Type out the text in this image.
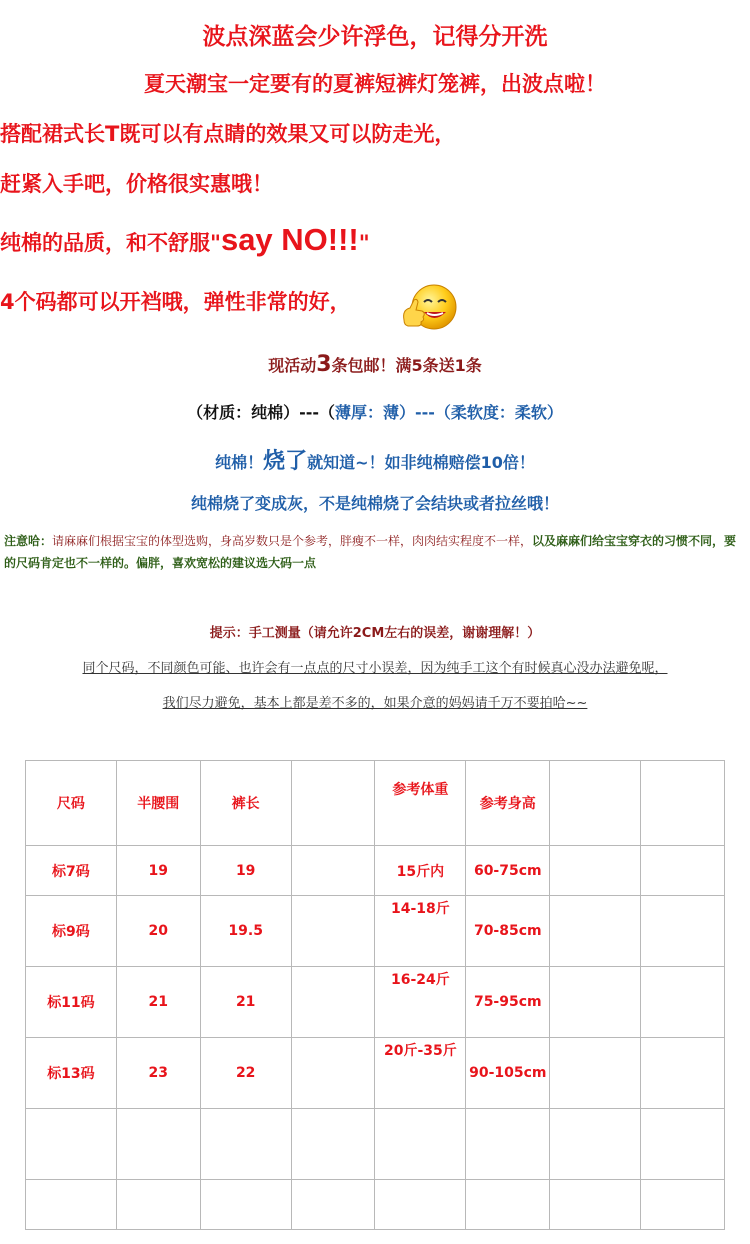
波点深蓝会少许浮色，记得分开洗
夏天潮宝一定要有的夏裤短裤灯笼裤，出波点啦！
搭配裙式长T既可以有点睛的效果又可以防走光，
赶紧入手吧，价格很实惠哦！
纯棉的品质，和不舒服"say NO!!!"
4个码都可以开裆哦，弹性非常的好，
现活动3条包邮！满5条送1条
（材质：纯棉）---（薄厚：薄）---（柔软度：柔软）
纯棉！烧了就知道~！如非纯棉赔偿10倍！
纯棉烧了变成灰，不是纯棉烧了会结块或者拉丝哦！
注意哈：请麻麻们根据宝宝的体型选购，身高岁数只是个参考，胖瘦不一样，肉肉结实程度不一样，以及麻麻们给宝宝穿衣的习惯不同，要的尺码肯定也不一样的。偏胖，喜欢宽松的建议选大码一点
提示：手工测量（请允许2CM左右的误差，谢谢理解！）
同个尺码，不同颜色可能、也许会有一点点的尺寸小误差，因为纯手工这个有时候真心没办法避免呢，
我们尽力避免，基本上都是差不多的，如果介意的妈妈请千万不要拍哈~~
尺码	半腰围	裤长		参考体重	参考身高		
标7码	19	19		15斤内	60-75cm		
标9码	20	19.5		14-18斤	70-85cm		
标11码	21	21		16-24斤	75-95cm		
标13码	23	22		20斤-35斤	90-105cm		
